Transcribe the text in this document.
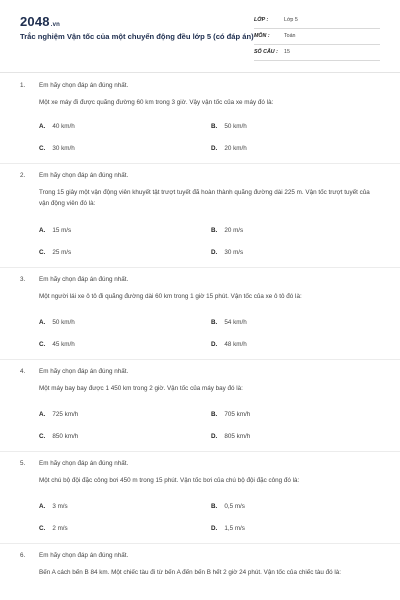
2048.vn
Trắc nghiệm Vận tốc của một chuyển động đều lớp 5 (có đáp án)
LỚP :	Lớp 5
MÔN :	Toán
SỐ CÂU : 15
1. Em hãy chọn đáp án đúng nhất.
Một xe máy đi được quãng đường 60 km trong 3 giờ. Vậy vận tốc của xe máy đó là:
A. 40 km/h	B. 50 km/h
C. 30 km/h	D. 20 km/h
2. Em hãy chọn đáp án đúng nhất.
Trong 15 giây một vận động viên khuyết tật trượt tuyết đã hoàn thành quãng đường dài 225 m. Vận tốc trượt tuyết của vận động viên đó là:
A. 15 m/s	B. 20 m/s
C. 25 m/s	D. 30 m/s
3. Em hãy chọn đáp án đúng nhất.
Một người lái xe ô tô đi quãng đường dài 60 km trong 1 giờ 15 phút. Vận tốc của xe ô tô đó là:
A. 50 km/h	B. 54 km/h
C. 45 km/h	D. 48 km/h
4. Em hãy chọn đáp án đúng nhất.
Một máy bay bay được 1 450 km trong 2 giờ. Vận tốc của máy bay đó là:
A. 725 km/h	B. 705 km/h
C. 850 km/h	D. 805 km/h
5. Em hãy chọn đáp án đúng nhất.
Một chú bộ đội đặc công bơi 450 m trong 15 phút. Vận tốc bơi của chú bộ đội đặc công đó là:
A. 3 m/s	B. 0,5 m/s
C. 2 m/s	D. 1,5 m/s
6. Em hãy chọn đáp án đúng nhất.
Bến A cách bến B 84 km. Một chiếc tàu đi từ bến A đến bến B hết 2 giờ 24 phút. Vận tốc của chiếc tàu đó là:
